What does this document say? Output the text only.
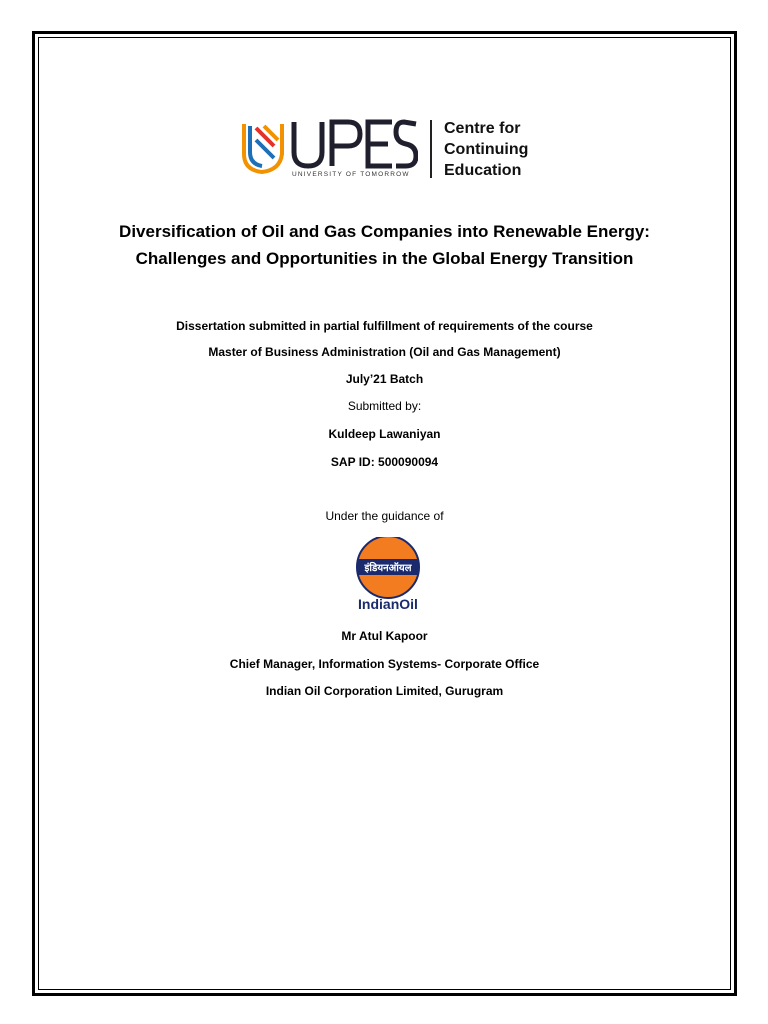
UNIVERSITY OF TOMORROW
Centre for
Continuing
Education
Diversification of Oil and Gas Companies into Renewable Energy:
Challenges and Opportunities in the Global Energy Transition
Dissertation submitted in partial fulfillment of requirements of the course
Master of Business Administration (Oil and Gas Management)
July’21 Batch
Submitted by:
Kuldeep Lawaniyan
SAP ID: 500090094
Under the guidance of
इंडियनऑयल
IndianOil
Mr Atul Kapoor
Chief Manager, Information Systems- Corporate Office
Indian Oil Corporation Limited, Gurugram
